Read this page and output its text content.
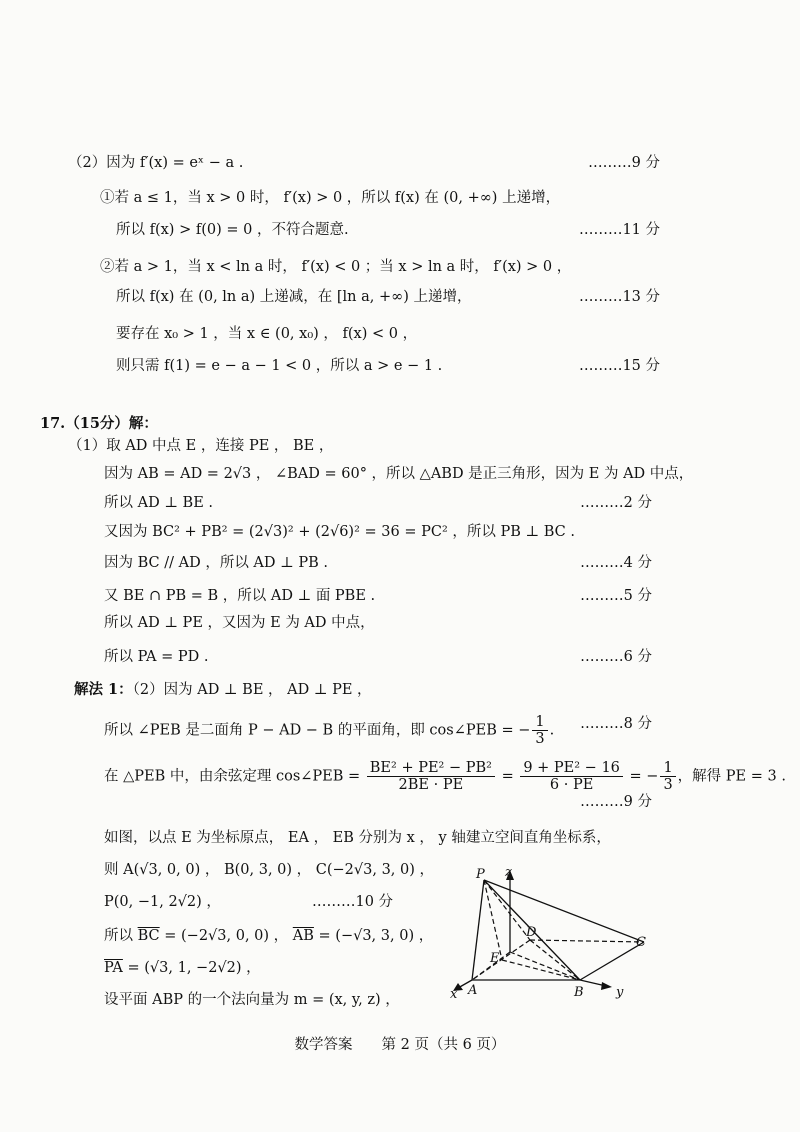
（2）因为 f′(x) = eˣ − a .	………9 分
①若 a ≤ 1，当 x > 0 时， f′(x) > 0 ，所以 f(x) 在 (0, +∞) 上递增，
所以 f(x) > f(0) = 0 ，不符合题意.	………11 分
②若 a > 1，当 x < ln a 时， f′(x) < 0 ；当 x > ln a 时， f′(x) > 0 ，
所以 f(x) 在 (0, ln a) 上递减，在 [ln a, +∞) 上递增，	………13 分
要存在 x₀ > 1 ，当 x ∈ (0, x₀) ， f(x) < 0 ，
则只需 f(1) = e − a − 1 < 0 ，所以 a > e − 1 .	………15 分
17.（15分）解：
（1）取 AD 中点 E ，连接 PE ， BE ，
因为 AB = AD = 2√3 ， ∠BAD = 60° ，所以 △ABD 是正三角形，因为 E 为 AD 中点，
所以 AD ⊥ BE .	………2 分
又因为 BC² + PB² = (2√3)² + (2√6)² = 36 = PC² ，所以 PB ⊥ BC .
因为 BC // AD ，所以 AD ⊥ PB .	………4 分
又 BE ∩ PB = B ，所以 AD ⊥ 面 PBE .	………5 分
所以 AD ⊥ PE ，又因为 E 为 AD 中点，
所以 PA = PD .	………6 分
解法 1：（2）因为 AD ⊥ BE ， AD ⊥ PE ，
所以 ∠PEB 是二面角 P − AD − B 的平面角，即 cos∠PEB = − $\frac{1}{3}$ .	………8 分
在 △PEB 中，由余弦定理 cos∠PEB = $\frac{\text{BE² + PE² − PB²}}{2BE \cdot PE} = \frac{\text{9 + PE² − 16}}{6 \cdot PE}$ = − $\frac{1}{3}$ ，解得 PE = 3 .
………9 分
如图，以点 E 为坐标原点， EA ， EB 分别为 x ， y 轴建立空间直角坐标系，
则 A(√3, 0, 0) ， B(0, 3, 0) ， C(−2√3, 3, 0) ，
P(0, −1, 2√2) ，	………10 分
所以 $\overline{BC} = (-2√3$, 0, 0) ， $\overline{AB} = (-√3$, 3, 0) ，
$\overline{PA} = (√3$, 1, −2√2) ，
设平面 ABP 的一个法向量为 m = (x, y, z) ，
P z
D
C
E
x A	B y
数学答案　　第 2 页（共 6 页）
